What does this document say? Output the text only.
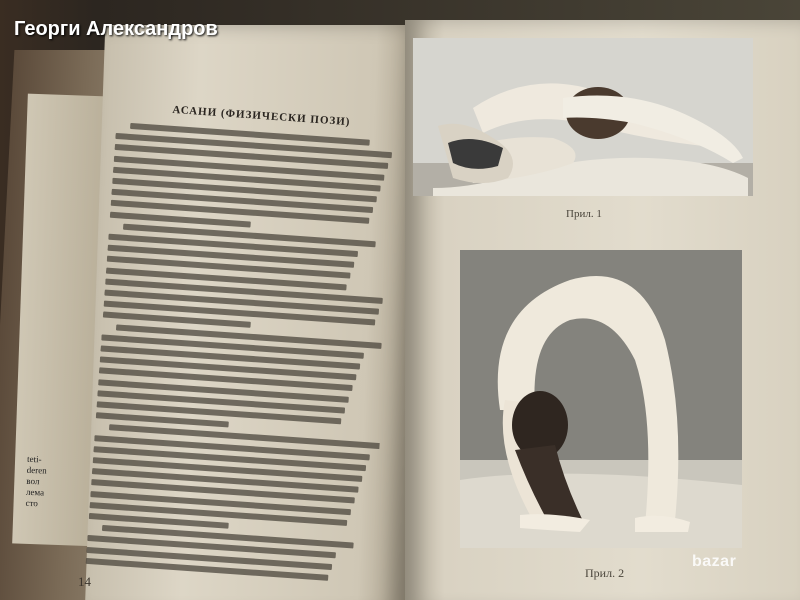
teti-
deren
вол
лема
сто
АСАНИ (ФИЗИЧЕСКИ ПОЗИ)
14
Прил. 1
Прил. 2
Георги Александров
bazar
